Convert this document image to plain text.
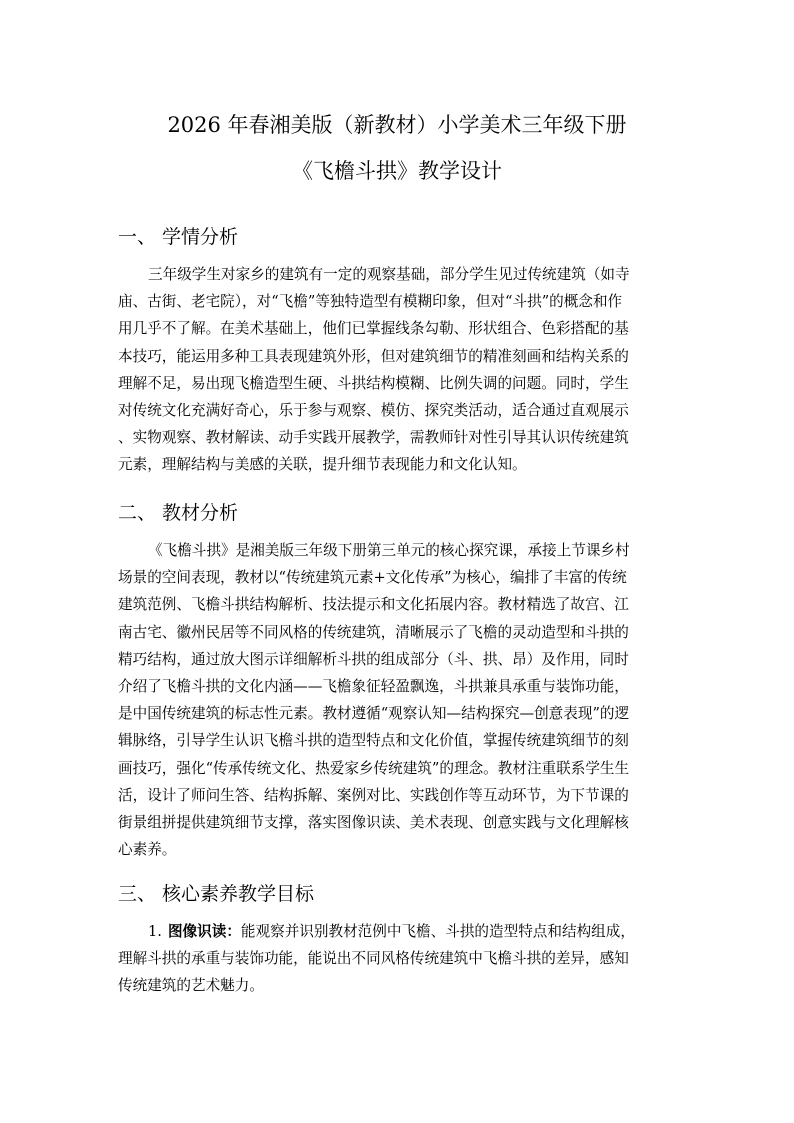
2026 年春湘美版（新教材）小学美术三年级下册
《飞檐斗拱》教学设计
一、 学情分析
三年级学生对家乡的建筑有一定的观察基础，部分学生见过传统建筑（如寺
庙、古街、老宅院），对“飞檐”等独特造型有模糊印象，但对“斗拱”的概念和作
用几乎不了解。在美术基础上，他们已掌握线条勾勒、形状组合、色彩搭配的基
本技巧，能运用多种工具表现建筑外形，但对建筑细节的精准刻画和结构关系的
理解不足，易出现飞檐造型生硬、斗拱结构模糊、比例失调的问题。同时，学生
对传统文化充满好奇心，乐于参与观察、模仿、探究类活动，适合通过直观展示
、实物观察、教材解读、动手实践开展教学，需教师针对性引导其认识传统建筑
元素，理解结构与美感的关联，提升细节表现能力和文化认知。
二、 教材分析
《飞檐斗拱》是湘美版三年级下册第三单元的核心探究课，承接上节课乡村
场景的空间表现，教材以“传统建筑元素+文化传承”为核心，编排了丰富的传统
建筑范例、飞檐斗拱结构解析、技法提示和文化拓展内容。教材精选了故宫、江
南古宅、徽州民居等不同风格的传统建筑，清晰展示了飞檐的灵动造型和斗拱的
精巧结构，通过放大图示详细解析斗拱的组成部分（斗、拱、昂）及作用，同时
介绍了飞檐斗拱的文化内涵——飞檐象征轻盈飘逸，斗拱兼具承重与装饰功能，
是中国传统建筑的标志性元素。教材遵循“观察认知—结构探究—创意表现”的逻
辑脉络，引导学生认识飞檐斗拱的造型特点和文化价值，掌握传统建筑细节的刻
画技巧，强化“传承传统文化、热爱家乡传统建筑”的理念。教材注重联系学生生
活，设计了师问生答、结构拆解、案例对比、实践创作等互动环节，为下节课的
街景组拼提供建筑细节支撑，落实图像识读、美术表现、创意实践与文化理解核
心素养。
三、 核心素养教学目标
1. 图像识读：能观察并识别教材范例中飞檐、斗拱的造型特点和结构组成，
理解斗拱的承重与装饰功能，能说出不同风格传统建筑中飞檐斗拱的差异，感知
传统建筑的艺术魅力。
